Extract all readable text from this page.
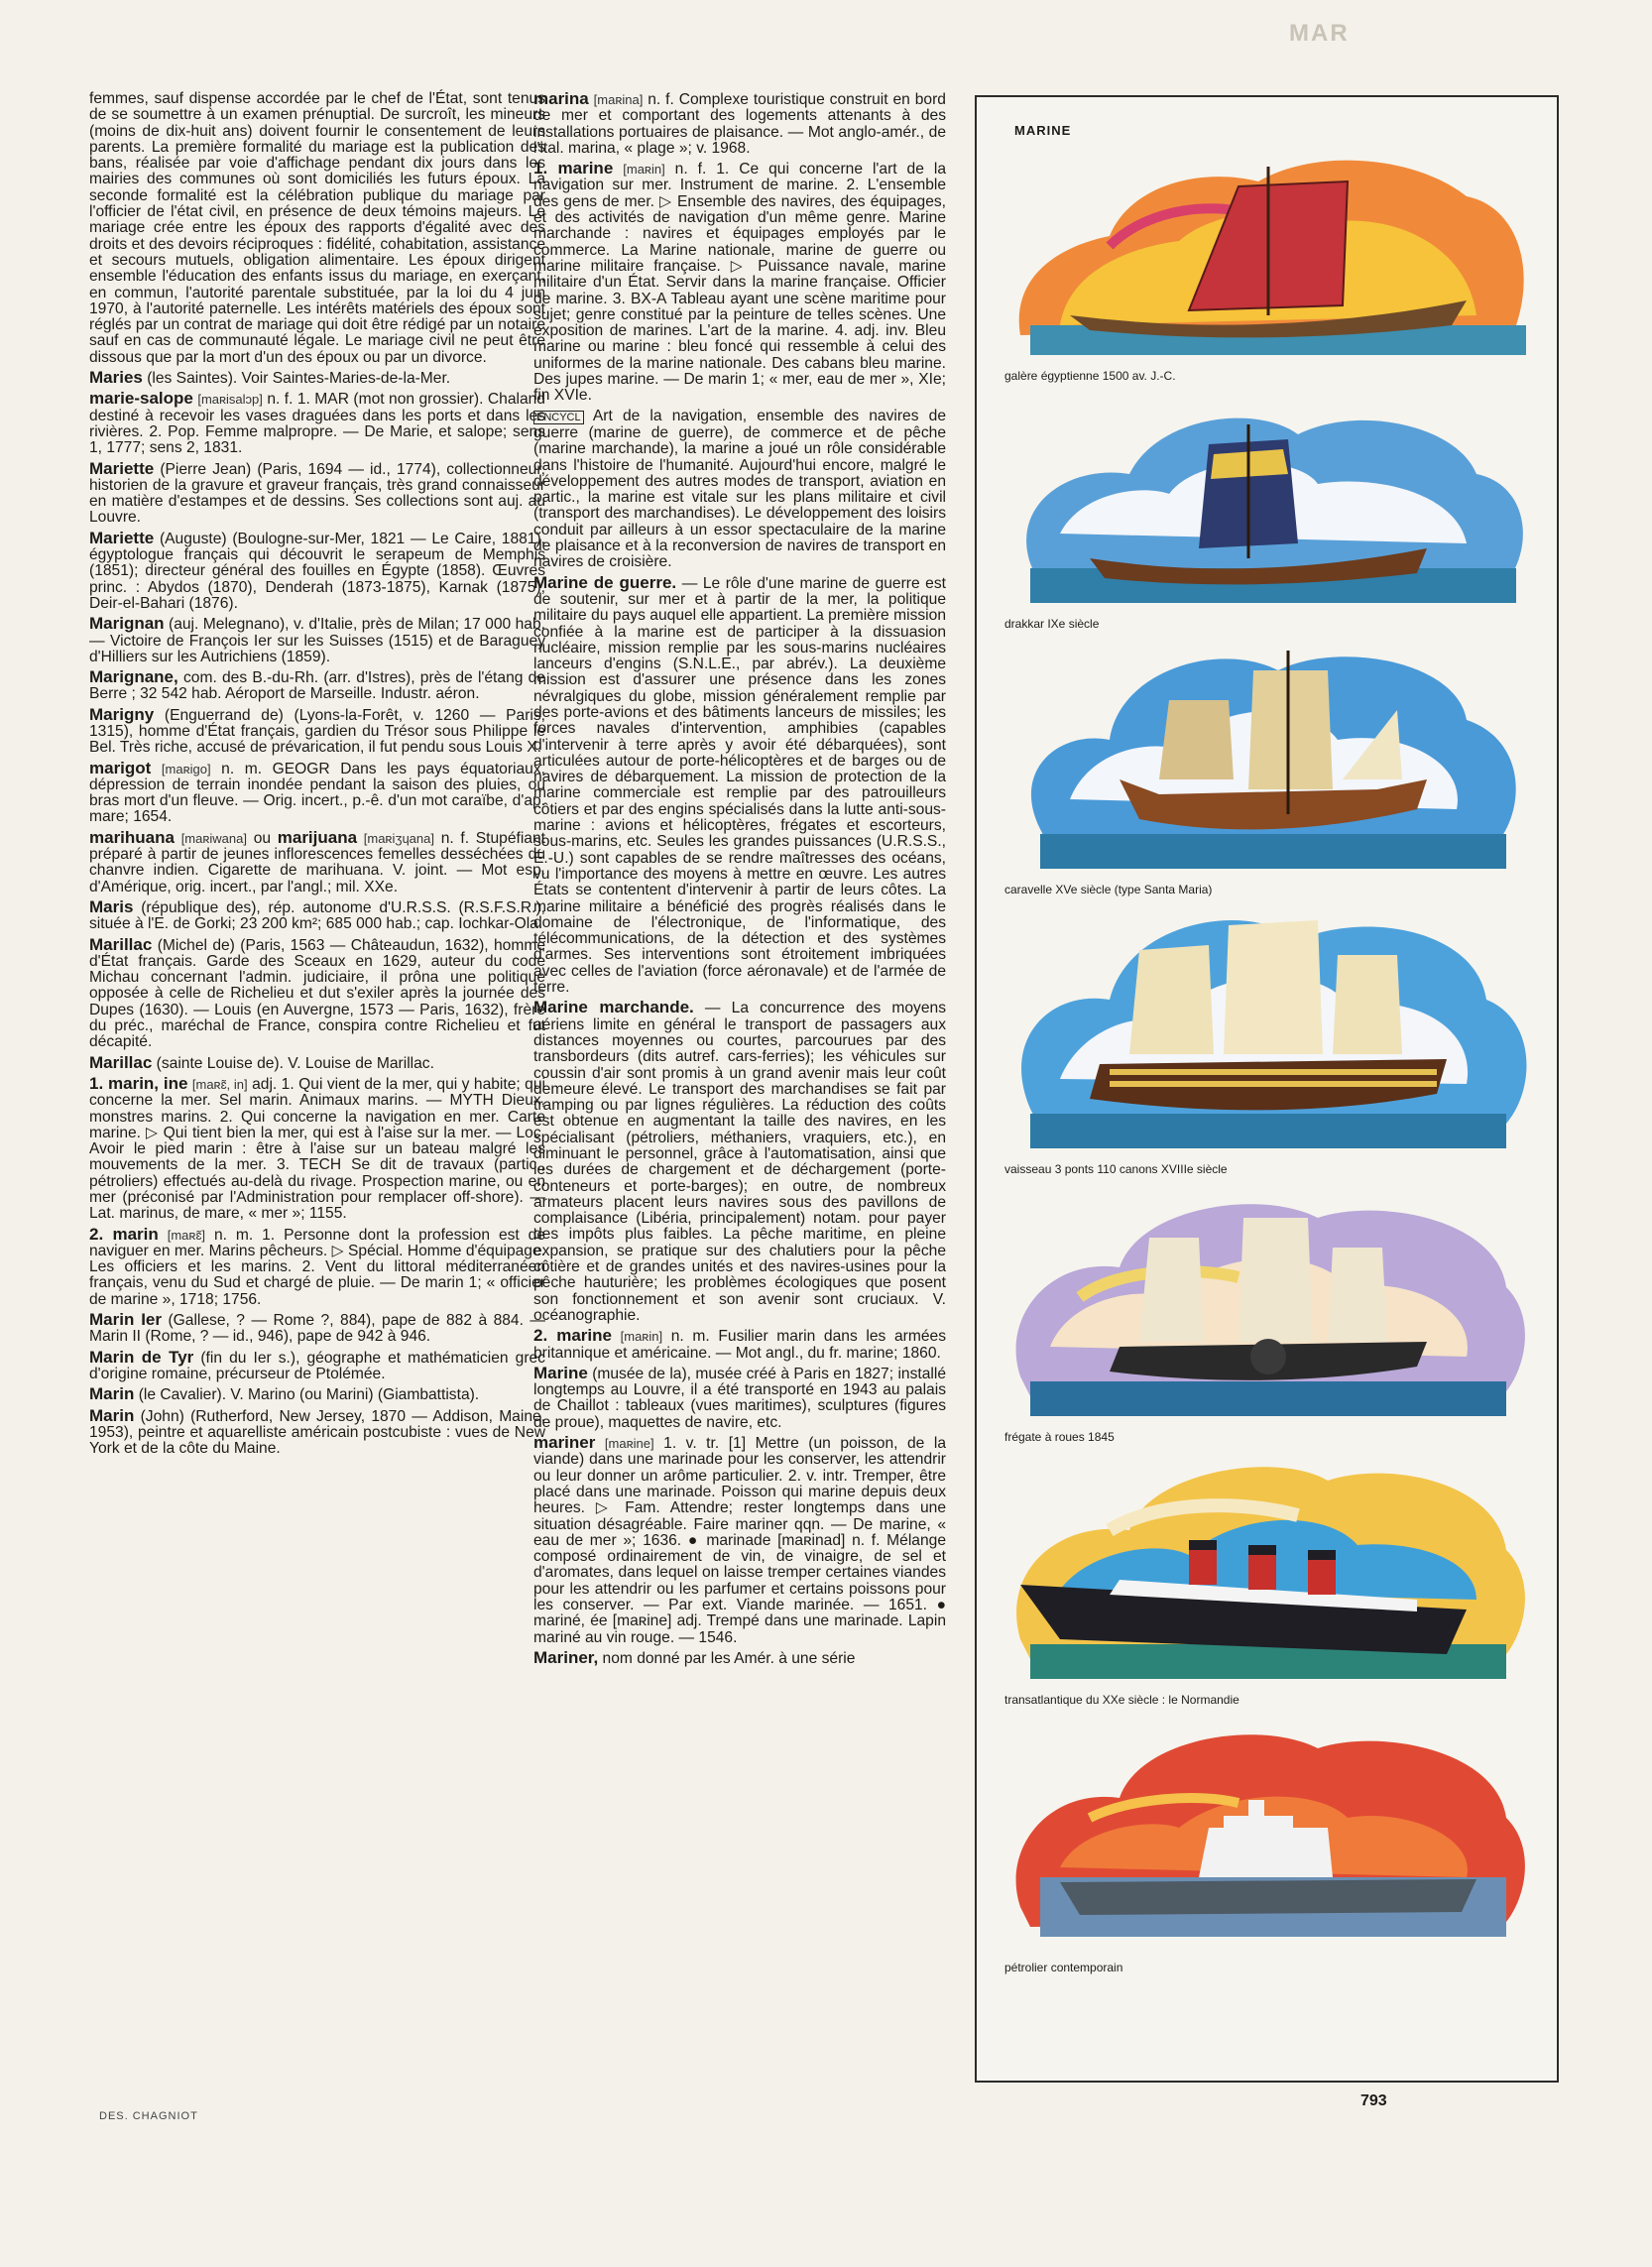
MAR

femmes, sauf dispense accordée par le chef de l'État, sont tenus de se soumettre à un examen prénuptial. De surcroît, les mineurs (moins de dix-huit ans) doivent fournir le consentement de leurs parents. La première formalité du mariage est la publication des bans, réalisée par voie d'affichage pendant dix jours dans les mairies des communes où sont domiciliés les futurs époux. La seconde formalité est la célébration publique du mariage par l'officier de l'état civil, en présence de deux témoins majeurs. Le mariage crée entre les époux des rapports d'égalité avec des droits et des devoirs réciproques : fidélité, cohabitation, assistance et secours mutuels, obligation alimentaire. Les époux dirigent ensemble l'éducation des enfants issus du mariage, en exerçant, en commun, l'autorité parentale substituée, par la loi du 4 juin 1970, à l'autorité paternelle. Les intérêts matériels des époux sont réglés par un contrat de mariage qui doit être rédigé par un notaire sauf en cas de communauté légale. Le mariage civil ne peut être dissous que par la mort d'un des époux ou par un divorce.

Maries (les Saintes). Voir Saintes-Maries-de-la-Mer.

marie-salope [maʀisalɔp] n. f. 1. MAR (mot non grossier). Chaland destiné à recevoir les vases draguées dans les ports et dans les rivières. 2. Pop. Femme malpropre. — De Marie, et salope; sens 1, 1777; sens 2, 1831.

Mariette (Pierre Jean) (Paris, 1694 — id., 1774), collectionneur, historien de la gravure et graveur français, très grand connaisseur en matière d'estampes et de dessins. Ses collections sont auj. au Louvre.

Mariette (Auguste) (Boulogne-sur-Mer, 1821 — Le Caire, 1881), égyptologue français qui découvrit le serapeum de Memphis (1851); directeur général des fouilles en Égypte (1858). Œuvres princ. : Abydos (1870), Denderah (1873-1875), Karnak (1875), Deir-el-Bahari (1876).

Marignan (auj. Melegnano), v. d'Italie, près de Milan; 17 000 hab. — Victoire de François Ier sur les Suisses (1515) et de Baraguey d'Hilliers sur les Autrichiens (1859).

Marignane, com. des B.-du-Rh. (arr. d'Istres), près de l'étang de Berre ; 32 542 hab. Aéroport de Marseille. Industr. aéron.

Marigny (Enguerrand de) (Lyons-la-Forêt, v. 1260 — Paris, 1315), homme d'État français, gardien du Trésor sous Philippe le Bel. Très riche, accusé de prévarication, il fut pendu sous Louis X.

marigot [maʀigo] n. m. GEOGR Dans les pays équatoriaux, dépression de terrain inondée pendant la saison des pluies, ou bras mort d'un fleuve. — Orig. incert., p.-ê. d'un mot caraïbe, d'ap. mare; 1654.

marihuana [maʀiwana] ou marijuana [maʀiʒɥana] n. f. Stupéfiant préparé à partir de jeunes inflorescences femelles desséchées du chanvre indien. Cigarette de marihuana. V. joint. — Mot esp. d'Amérique, orig. incert., par l'angl.; mil. XXe.

Maris (république des), rép. autonome d'U.R.S.S. (R.S.F.S.R.), située à l'E. de Gorki; 23 200 km²; 685 000 hab.; cap. Iochkar-Ola.

Marillac (Michel de) (Paris, 1563 — Châteaudun, 1632), homme d'État français. Garde des Sceaux en 1629, auteur du code Michau concernant l'admin. judiciaire, il prôna une politique opposée à celle de Richelieu et dut s'exiler après la journée des Dupes (1630). — Louis (en Auvergne, 1573 — Paris, 1632), frère du préc., maréchal de France, conspira contre Richelieu et fut décapité.

Marillac (sainte Louise de). V. Louise de Marillac.

1. marin, ine [maʀɛ̃, in] adj. 1. Qui vient de la mer, qui y habite; qui concerne la mer. Sel marin. Animaux marins. — MYTH Dieux, monstres marins. 2. Qui concerne la navigation en mer. Carte marine. ▷ Qui tient bien la mer, qui est à l'aise sur la mer. — Loc. Avoir le pied marin : être à l'aise sur un bateau malgré les mouvements de la mer. 3. TECH Se dit de travaux (partic., pétroliers) effectués au-delà du rivage. Prospection marine, ou en mer (préconisé par l'Administration pour remplacer off-shore). — Lat. marinus, de mare, « mer »; 1155.

2. marin [maʀɛ̃] n. m. 1. Personne dont la profession est de naviguer en mer. Marins pêcheurs. ▷ Spécial. Homme d'équipage. Les officiers et les marins. 2. Vent du littoral méditerranéen français, venu du Sud et chargé de pluie. — De marin 1; « officier de marine », 1718; 1756.

Marin Ier (Gallese, ? — Rome ?, 884), pape de 882 à 884. — Marin II (Rome, ? — id., 946), pape de 942 à 946.

Marin de Tyr (fin du Ier s.), géographe et mathématicien grec d'origine romaine, précurseur de Ptolémée.

Marin (le Cavalier). V. Marino (ou Marini) (Giambattista).

Marin (John) (Rutherford, New Jersey, 1870 — Addison, Maine, 1953), peintre et aquarelliste américain postcubiste : vues de New York et de la côte du Maine.

marina [maʀina] n. f. Complexe touristique construit en bord de mer et comportant des logements attenants à des installations portuaires de plaisance. — Mot anglo-amér., de l'ital. marina, « plage »; v. 1968.

1. marine [maʀin] n. f. 1. Ce qui concerne l'art de la navigation sur mer. Instrument de marine. 2. L'ensemble des gens de mer. ▷ Ensemble des navires, des équipages, et des activités de navigation d'un même genre. Marine marchande : navires et équipages employés par le commerce. La Marine nationale, marine de guerre ou marine militaire française. ▷ Puissance navale, marine militaire d'un État. Servir dans la marine française. Officier de marine. 3. BX-A Tableau ayant une scène maritime pour sujet; genre constitué par la peinture de telles scènes. Une exposition de marines. L'art de la marine. 4. adj. inv. Bleu marine ou marine : bleu foncé qui ressemble à celui des uniformes de la marine nationale. Des cabans bleu marine. Des jupes marine. — De marin 1; « mer, eau de mer », XIe; fin XVIe.

ENCYCL Art de la navigation, ensemble des navires de guerre (marine de guerre), de commerce et de pêche (marine marchande), la marine a joué un rôle considérable dans l'histoire de l'humanité. Aujourd'hui encore, malgré le développement des autres modes de transport, aviation en partic., la marine est vitale sur les plans militaire et civil (transport des marchandises). Le développement des loisirs conduit par ailleurs à un essor spectaculaire de la marine de plaisance et à la reconversion de navires de transport en navires de croisière.

Marine de guerre. — Le rôle d'une marine de guerre est de soutenir, sur mer et à partir de la mer, la politique militaire du pays auquel elle appartient. La première mission confiée à la marine est de participer à la dissuasion nucléaire, mission remplie par les sous-marins nucléaires lanceurs d'engins (S.N.L.E., par abrév.). La deuxième mission est d'assurer une présence dans les zones névralgiques du globe, mission généralement remplie par des porte-avions et des bâtiments lanceurs de missiles; les forces navales d'intervention, amphibies (capables d'intervenir à terre après y avoir été débarquées), sont articulées autour de porte-hélicoptères et de barges ou de navires de débarquement. La mission de protection de la marine commerciale est remplie par des patrouilleurs côtiers et par des engins spécialisés dans la lutte anti-sous-marine : avions et hélicoptères, frégates et escorteurs, sous-marins, etc. Seules les grandes puissances (U.R.S.S., É.-U.) sont capables de se rendre maîtresses des océans, vu l'importance des moyens à mettre en œuvre. Les autres États se contentent d'intervenir à partir de leurs côtes. La marine militaire a bénéficié des progrès réalisés dans le domaine de l'électronique, de l'informatique, des télécommunications, de la détection et des systèmes d'armes. Ses interventions sont étroitement imbriquées avec celles de l'aviation (force aéronavale) et de l'armée de terre.

Marine marchande. — La concurrence des moyens aériens limite en général le transport de passagers aux distances moyennes ou courtes, parcourues par des transbordeurs (dits autref. cars-ferries); les véhicules sur coussin d'air sont promis à un grand avenir mais leur coût demeure élevé. Le transport des marchandises se fait par tramping ou par lignes régulières. La réduction des coûts est obtenue en augmentant la taille des navires, en les spécialisant (pétroliers, méthaniers, vraquiers, etc.), en diminuant le personnel, grâce à l'automatisation, ainsi que les durées de chargement et de déchargement (porte-conteneurs et porte-barges); en outre, de nombreux armateurs placent leurs navires sous des pavillons de complaisance (Libéria, principalement) notam. pour payer des impôts plus faibles. La pêche maritime, en pleine expansion, se pratique sur des chalutiers pour la pêche côtière et de grandes unités et des navires-usines pour la pêche hauturière; les problèmes écologiques que posent son fonctionnement et son avenir sont cruciaux. V. océanographie.

2. marine [maʀin] n. m. Fusilier marin dans les armées britannique et américaine. — Mot angl., du fr. marine; 1860.

Marine (musée de la), musée créé à Paris en 1827; installé longtemps au Louvre, il a été transporté en 1943 au palais de Chaillot : tableaux (vues maritimes), sculptures (figures de proue), maquettes de navire, etc.

mariner [maʀine] 1. v. tr. [1] Mettre (un poisson, de la viande) dans une marinade pour les conserver, les attendrir ou leur donner un arôme particulier. 2. v. intr. Tremper, être placé dans une marinade. Poisson qui marine depuis deux heures. ▷ Fam. Attendre; rester longtemps dans une situation désagréable. Faire mariner qqn. — De marine, « eau de mer »; 1636. ● marinade [maʀinad] n. f. Mélange composé ordinairement de vin, de vinaigre, de sel et d'aromates, dans lequel on laisse tremper certaines viandes pour les attendrir ou les parfumer et certains poissons pour les conserver. — Par ext. Viande marinée. — 1651. ● mariné, ée [maʀine] adj. Trempé dans une marinade. Lapin mariné au vin rouge. — 1546.

Mariner, nom donné par les Amér. à une série

MARINE
galère égyptienne 1500 av. J.-C.
drakkar IXe siècle
caravelle XVe siècle (type Santa Maria)
vaisseau 3 ponts 110 canons XVIIIe siècle
frégate à roues 1845
transatlantique du XXe siècle : le Normandie
pétrolier contemporain
DES. CHAGNIOT
793
